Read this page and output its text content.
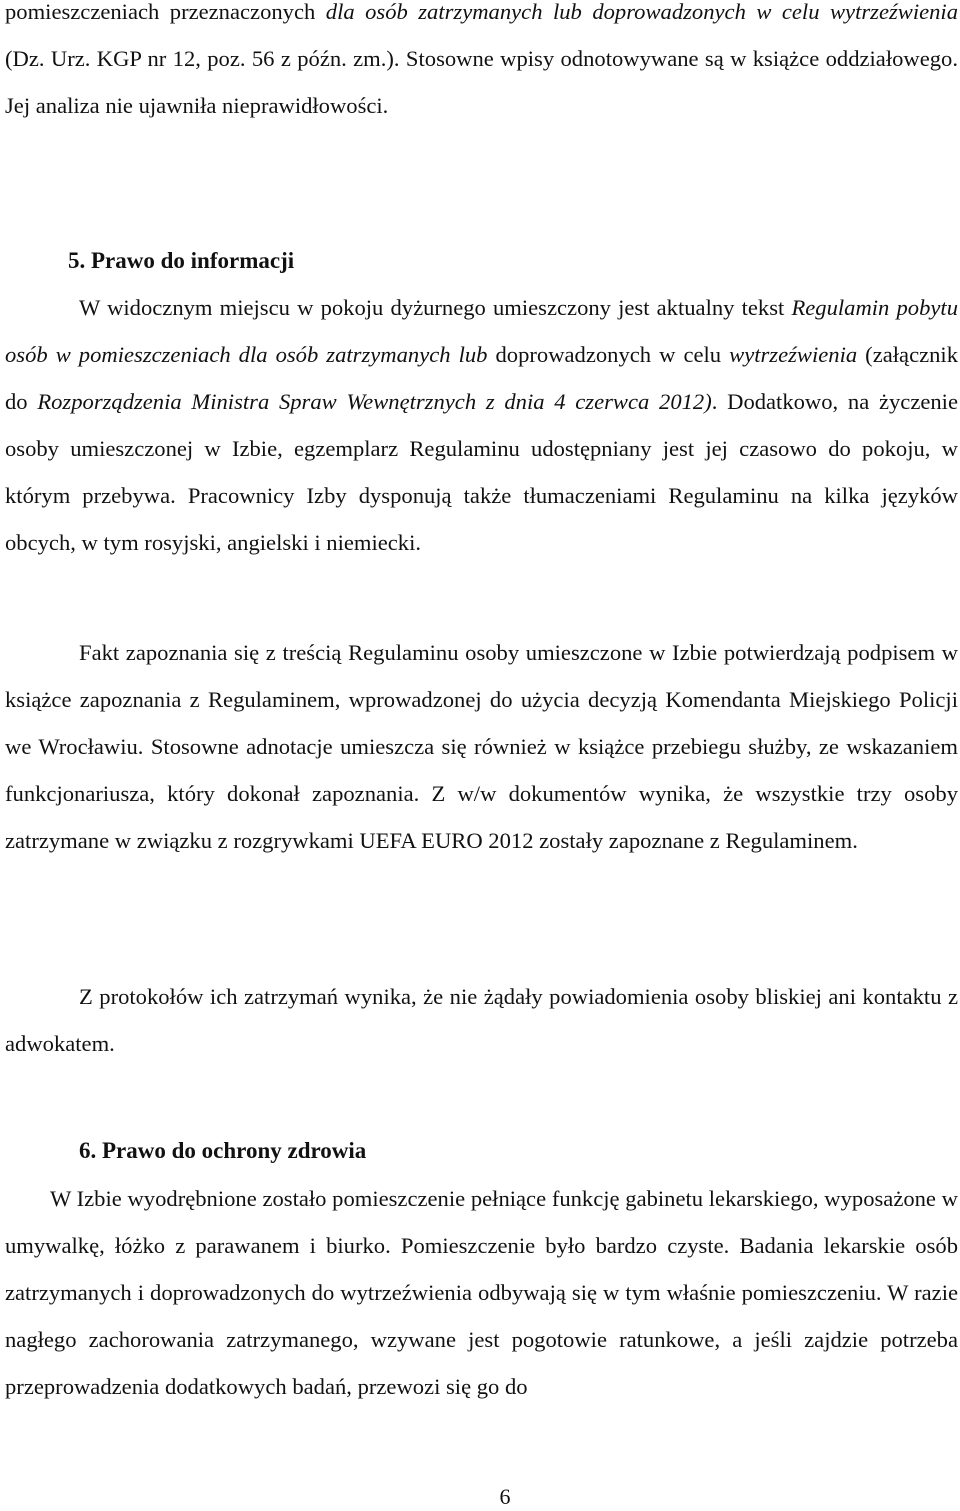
pomieszczeniach przeznaczonych dla osób zatrzymanych lub doprowadzonych w celu wytrzeźwienia (Dz. Urz. KGP nr 12, poz. 56 z późn. zm.). Stosowne wpisy odnotowywane są w książce oddziałowego. Jej analiza nie ujawniła nieprawidłowości.

5. Prawo do informacji

W widocznym miejscu w pokoju dyżurnego umieszczony jest aktualny tekst Regulamin pobytu osób w pomieszczeniach dla osób zatrzymanych lub doprowadzonych w celu wytrzeźwienia (załącznik do Rozporządzenia Ministra Spraw Wewnętrznych z dnia 4 czerwca 2012). Dodatkowo, na życzenie osoby umieszczonej w Izbie, egzemplarz Regulaminu udostępniany jest jej czasowo do pokoju, w którym przebywa. Pracownicy Izby dysponują także tłumaczeniami Regulaminu na kilka języków obcych, w tym rosyjski, angielski i niemiecki.

Fakt zapoznania się z treścią Regulaminu osoby umieszczone w Izbie potwierdzają podpisem w książce zapoznania z Regulaminem, wprowadzonej do użycia decyzją Komendanta Miejskiego Policji we Wrocławiu. Stosowne adnotacje umieszcza się również w książce przebiegu służby, ze wskazaniem funkcjonariusza, który dokonał zapoznania. Z w/w dokumentów wynika, że wszystkie trzy osoby zatrzymane w związku z rozgrywkami UEFA EURO 2012 zostały zapoznane z Regulaminem.

Z protokołów ich zatrzymań wynika, że nie żądały powiadomienia osoby bliskiej ani kontaktu z adwokatem.

6. Prawo do ochrony zdrowia

W Izbie wyodrębnione zostało pomieszczenie pełniące funkcję gabinetu lekarskiego, wyposażone w umywalkę, łóżko z parawanem i biurko. Pomieszczenie było bardzo czyste. Badania lekarskie osób zatrzymanych i doprowadzonych do wytrzeźwienia odbywają się w tym właśnie pomieszczeniu. W razie nagłego zachorowania zatrzymanego, wzywane jest pogotowie ratunkowe, a jeśli zajdzie potrzeba przeprowadzenia dodatkowych badań, przewozi się go do

6
